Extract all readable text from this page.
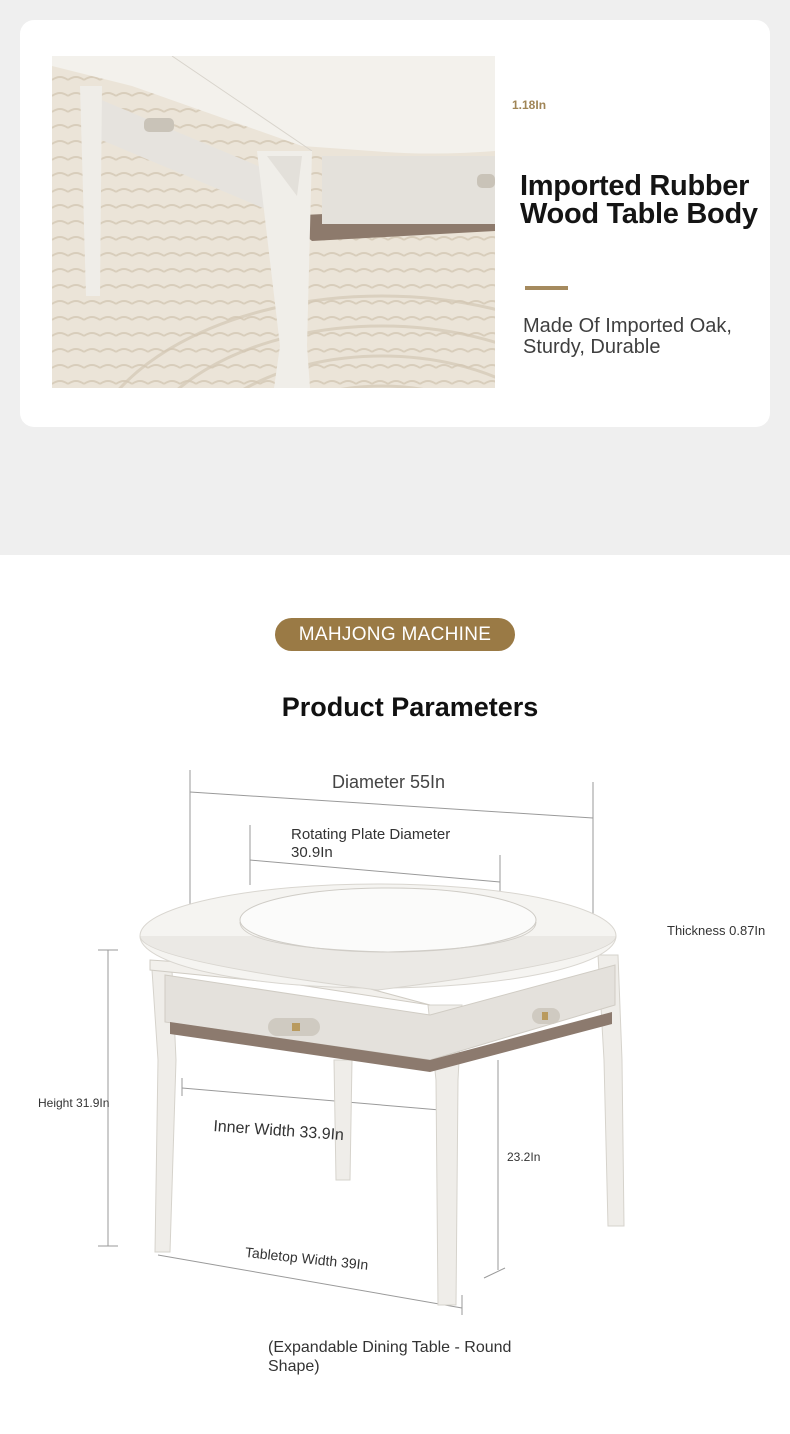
1.18In
Imported Rubber Wood Table Body
Made Of Imported Oak, Sturdy, Durable
MAHJONG MACHINE
Product Parameters
Diameter 55In
Rotating Plate Diameter 30.9In
Thickness 0.87In
Height 31.9In
Inner Width 33.9In
23.2In
Tabletop Width 39In
(Expandable Dining Table - Round Shape)
